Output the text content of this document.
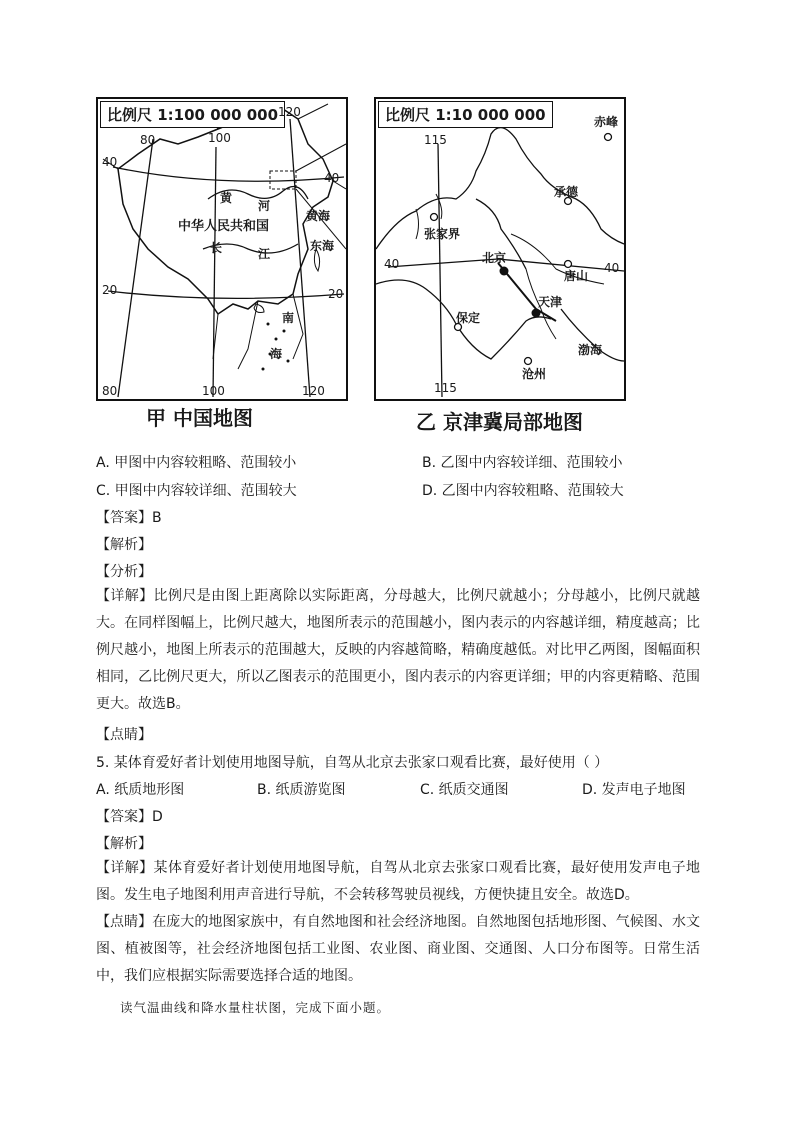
比例尺 1:100 000 000
80	100
120
80	100	120
40
40
20	20
黄
河
黄海
中华人民共和国
长	江
东海
南
海
甲 中国地图
比例尺 1:10 000 000
115
115
40	40
赤峰
承德
张家界
北京
唐山
天津
保定
沧州
渤海
乙 京津冀局部地图
A. 甲图中内容较粗略、范围较小	B. 乙图中内容较详细、范围较小
C. 甲图中内容较详细、范围较大	D. 乙图中内容较粗略、范围较大
【答案】B
【解析】
【分析】
【详解】比例尺是由图上距离除以实际距离，分母越大，比例尺就越小；分母越小，比例尺就越大。在同样图幅上，比例尺越大，地图所表示的范围越小，图内表示的内容越详细，精度越高；比例尺越小，地图上所表示的范围越大，反映的内容越简略，精确度越低。对比甲乙两图，图幅面积相同，乙比例尺更大，所以乙图表示的范围更小，图内表示的内容更详细；甲的内容更精略、范围更大。故选B。
【点睛】
5. 某体育爱好者计划使用地图导航，自驾从北京去张家口观看比赛，最好使用（ ）
A. 纸质地形图	B. 纸质游览图	C. 纸质交通图	D. 发声电子地图
【答案】D
【解析】
【详解】某体育爱好者计划使用地图导航，自驾从北京去张家口观看比赛，最好使用发声电子地图。发生电子地图利用声音进行导航，不会转移驾驶员视线，方便快捷且安全。故选D。
【点睛】在庞大的地图家族中，有自然地图和社会经济地图。自然地图包括地形图、气候图、水文图、植被图等，社会经济地图包括工业图、农业图、商业图、交通图、人口分布图等。日常生活中，我们应根据实际需要选择合适的地图。
读气温曲线和降水量柱状图，完成下面小题。
